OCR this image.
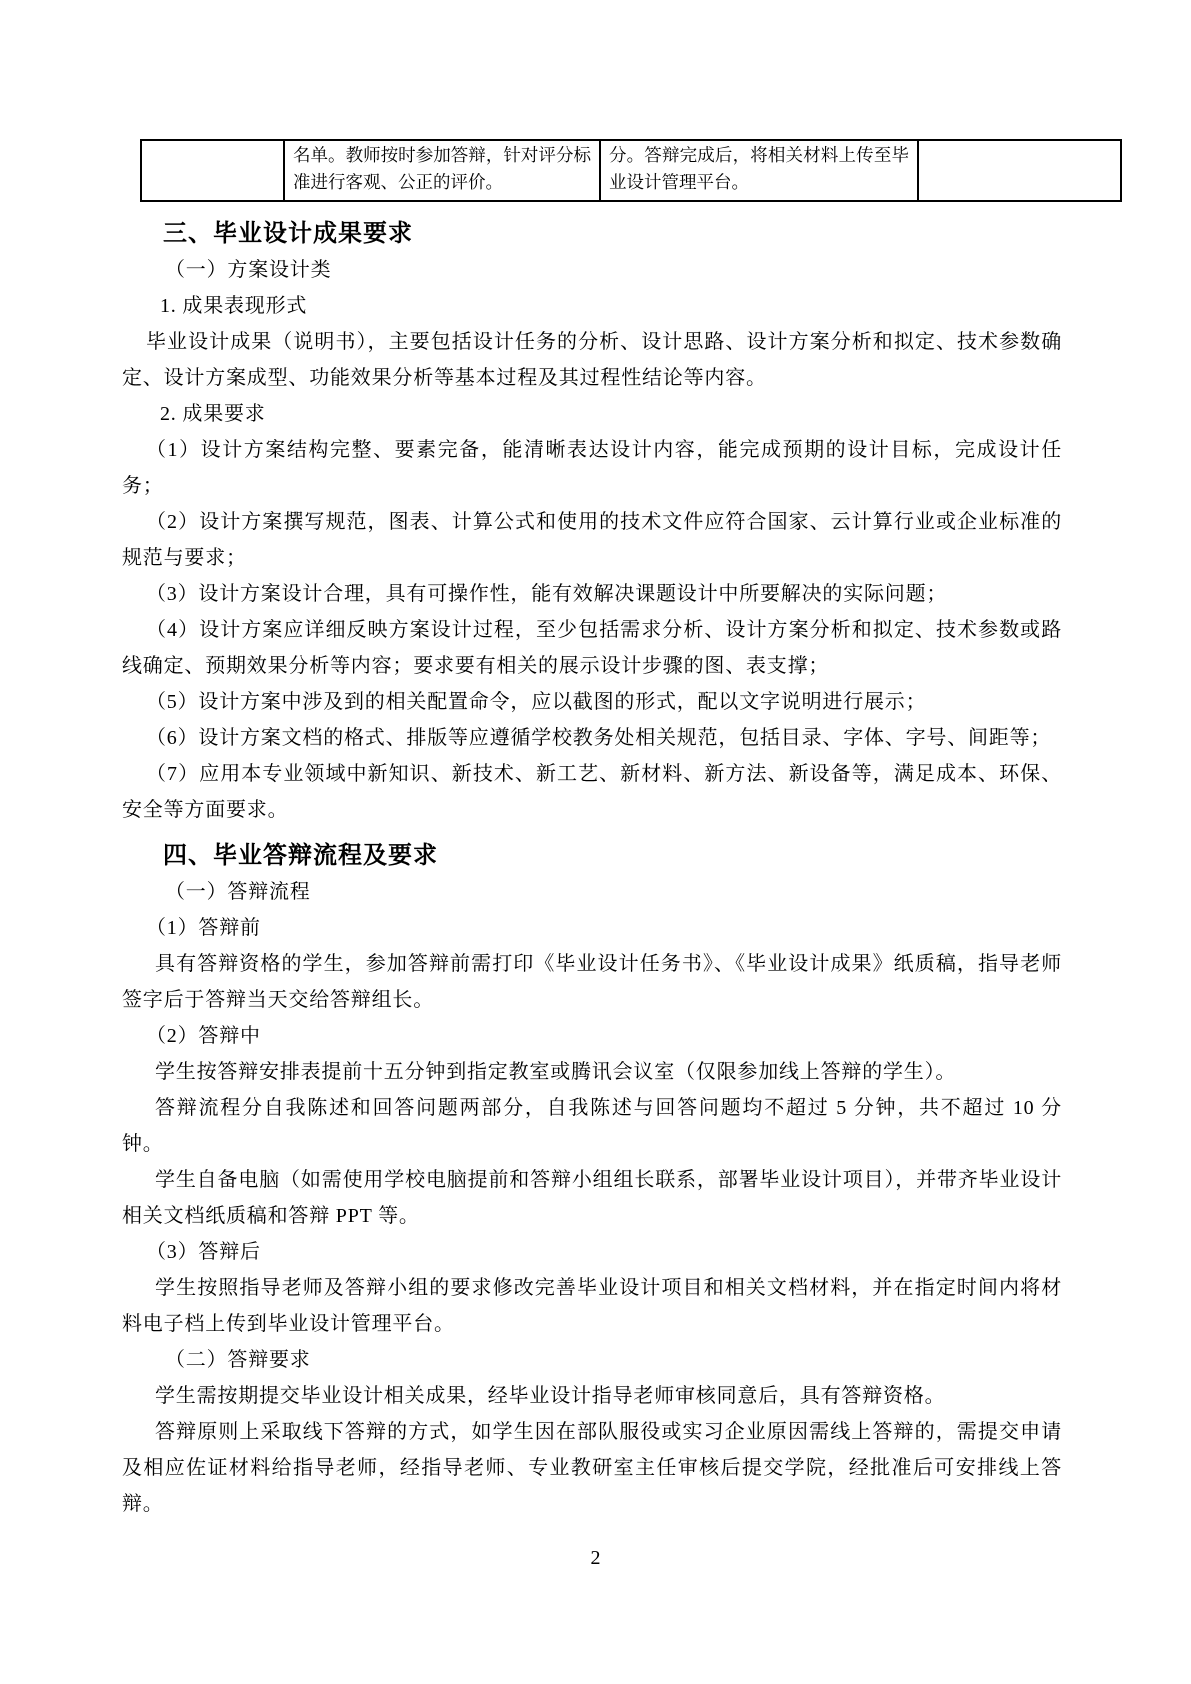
	名单。教师按时参加答辩，针对评分标准进行客观、公正的评价。	分。答辩完成后，将相关材料上传至毕业设计管理平台。	

三、毕业设计成果要求

（一）方案设计类

1. 成果表现形式

毕业设计成果（说明书），主要包括设计任务的分析、设计思路、设计方案分析和拟定、技术参数确定、设计方案成型、功能效果分析等基本过程及其过程性结论等内容。

2. 成果要求

（1）设计方案结构完整、要素完备，能清晰表达设计内容，能完成预期的设计目标，完成设计任务；

（2）设计方案撰写规范，图表、计算公式和使用的技术文件应符合国家、云计算行业或企业标准的规范与要求；

（3）设计方案设计合理，具有可操作性，能有效解决课题设计中所要解决的实际问题；

（4）设计方案应详细反映方案设计过程，至少包括需求分析、设计方案分析和拟定、技术参数或路线确定、预期效果分析等内容；要求要有相关的展示设计步骤的图、表支撑；

（5）设计方案中涉及到的相关配置命令，应以截图的形式，配以文字说明进行展示；

（6）设计方案文档的格式、排版等应遵循学校教务处相关规范，包括目录、字体、字号、间距等；

（7）应用本专业领域中新知识、新技术、新工艺、新材料、新方法、新设备等，满足成本、环保、安全等方面要求。

四、毕业答辩流程及要求

（一）答辩流程

（1）答辩前

具有答辩资格的学生，参加答辩前需打印《毕业设计任务书》、《毕业设计成果》纸质稿，指导老师签字后于答辩当天交给答辩组长。

（2）答辩中

学生按答辩安排表提前十五分钟到指定教室或腾讯会议室（仅限参加线上答辩的学生）。

答辩流程分自我陈述和回答问题两部分，自我陈述与回答问题均不超过 5 分钟，共不超过 10 分钟。

学生自备电脑（如需使用学校电脑提前和答辩小组组长联系，部署毕业设计项目），并带齐毕业设计相关文档纸质稿和答辩 PPT 等。

（3）答辩后

学生按照指导老师及答辩小组的要求修改完善毕业设计项目和相关文档材料，并在指定时间内将材料电子档上传到毕业设计管理平台。

（二）答辩要求

学生需按期提交毕业设计相关成果，经毕业设计指导老师审核同意后，具有答辩资格。

答辩原则上采取线下答辩的方式，如学生因在部队服役或实习企业原因需线上答辩的，需提交申请及相应佐证材料给指导老师，经指导老师、专业教研室主任审核后提交学院，经批准后可安排线上答辩。

2
